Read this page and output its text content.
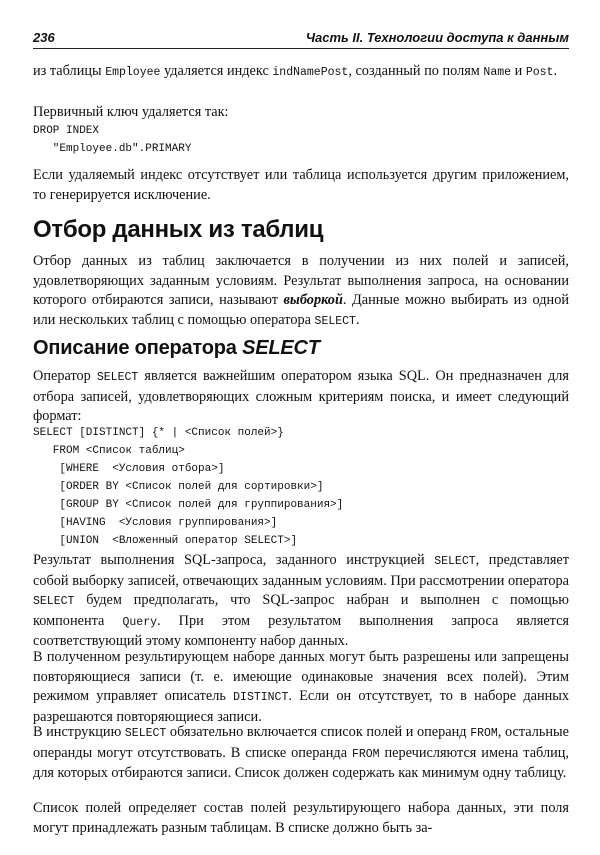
236	Часть II. Технологии доступа к данным

из таблицы Employee удаляется индекс indNamePost, созданный по полям Name и Post.

Первичный ключ удаляется так:

DROP INDEX
"Employee.db".PRIMARY

Если удаляемый индекс отсутствует или таблица используется другим приложением, то генерируется исключение.

Отбор данных из таблиц

Отбор данных из таблиц заключается в получении из них полей и записей, удовлетворяющих заданным условиям. Результат выполнения запроса, на основании которого отбираются записи, называют выборкой. Данные можно выбирать из одной или нескольких таблиц с помощью оператора SELECT.

Описание оператора SELECT

Оператор SELECT является важнейшим оператором языка SQL. Он предназначен для отбора записей, удовлетворяющих сложным критериям поиска, и имеет следующий формат:

SELECT [DISTINCT] {* | <Список полей>}
FROM <Список таблиц>
[WHERE  <Условия отбора>]
[ORDER BY <Список полей для сортировки>]
[GROUP BY <Список полей для группирования>]
[HAVING  <Условия группирования>]
[UNION  <Вложенный оператор SELECT>]

Результат выполнения SQL-запроса, заданного инструкцией SELECT, представляет собой выборку записей, отвечающих заданным условиям. При рассмотрении оператора SELECT будем предполагать, что SQL-запрос набран и выполнен с помощью компонента Query. При этом результатом выполнения запроса является соответствующий этому компоненту набор данных.

В полученном результирующем наборе данных могут быть разрешены или запрещены повторяющиеся записи (т. е. имеющие одинаковые значения всех полей). Этим режимом управляет описатель DISTINCT. Если он отсутствует, то в наборе данных разрешаются повторяющиеся записи.

В инструкцию SELECT обязательно включается список полей и операнд FROM, остальные операнды могут отсутствовать. В списке операнда FROM перечисляются имена таблиц, для которых отбираются записи. Список должен содержать как минимум одну таблицу.

Список полей определяет состав полей результирующего набора данных, эти поля могут принадлежать разным таблицам. В списке должно быть за-
